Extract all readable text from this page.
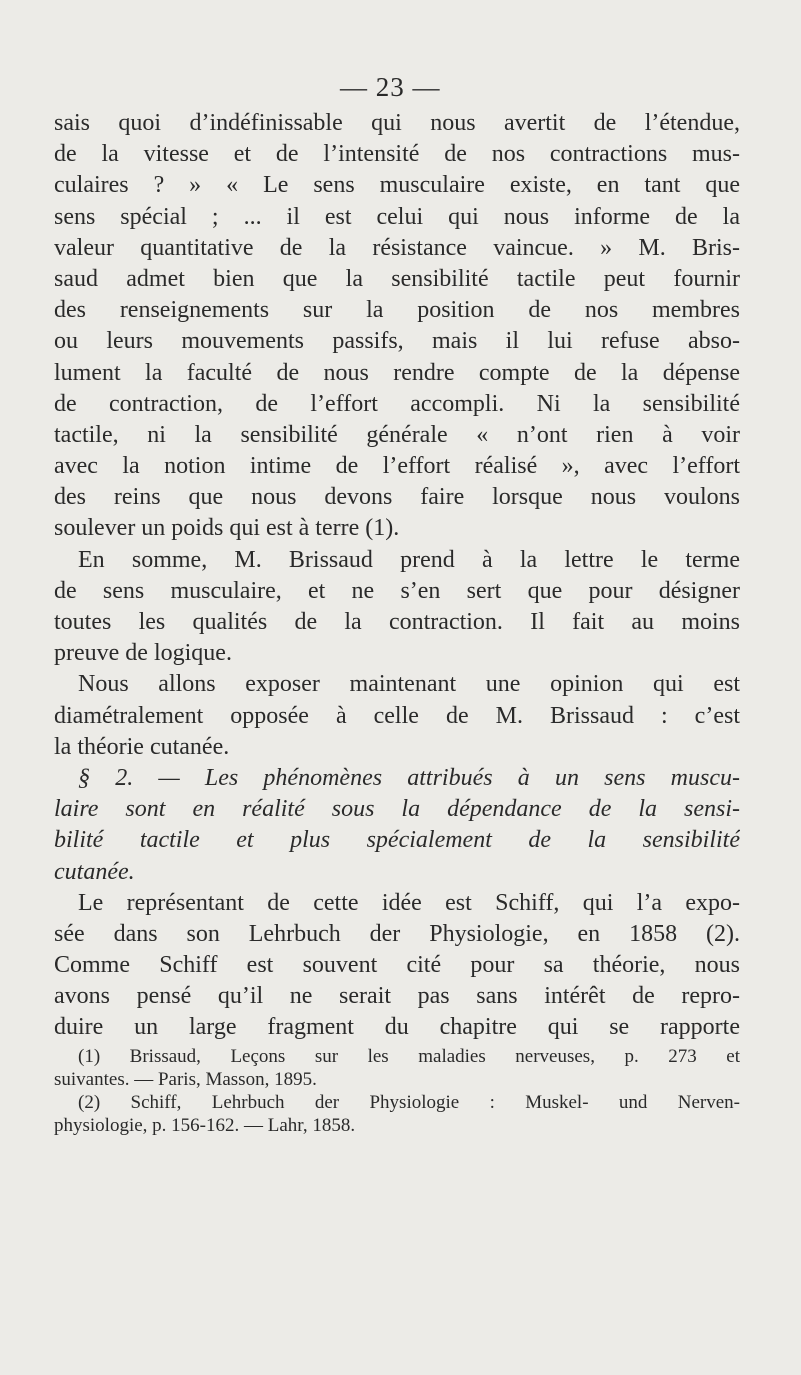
— 23 —
sais quoi d’indéfinissable qui nous avertit de l’étendue,
de la vitesse et de l’intensité de nos contractions mus-
culaires ? » « Le sens musculaire existe, en tant que
sens spécial ; ... il est celui qui nous informe de la
valeur quantitative de la résistance vaincue. » M. Bris-
saud admet bien que la sensibilité tactile peut fournir
des renseignements sur la position de nos membres
ou leurs mouvements passifs, mais il lui refuse abso-
lument la faculté de nous rendre compte de la dépense
de contraction, de l’effort accompli. Ni la sensibilité
tactile, ni la sensibilité générale « n’ont rien à voir
avec la notion intime de l’effort réalisé », avec l’effort
des reins que nous devons faire lorsque nous voulons
soulever un poids qui est à terre (1).
En somme, M. Brissaud prend à la lettre le terme
de sens musculaire, et ne s’en sert que pour désigner
toutes les qualités de la contraction. Il fait au moins
preuve de logique.
Nous allons exposer maintenant une opinion qui est
diamétralement opposée à celle de M. Brissaud : c’est
la théorie cutanée.
§ 2. — Les phénomènes attribués à un sens muscu-
laire sont en réalité sous la dépendance de la sensi-
bilité tactile et plus spécialement de la sensibilité
cutanée.
Le représentant de cette idée est Schiff, qui l’a expo-
sée dans son Lehrbuch der Physiologie, en 1858 (2).
Comme Schiff est souvent cité pour sa théorie, nous
avons pensé qu’il ne serait pas sans intérêt de repro-
duire un large fragment du chapitre qui se rapporte
(1) Brissaud, Leçons sur les maladies nerveuses, p. 273 et
suivantes. — Paris, Masson, 1895.
(2) Schiff, Lehrbuch der Physiologie : Muskel- und Nerven-
physiologie, p. 156-162. — Lahr, 1858.
